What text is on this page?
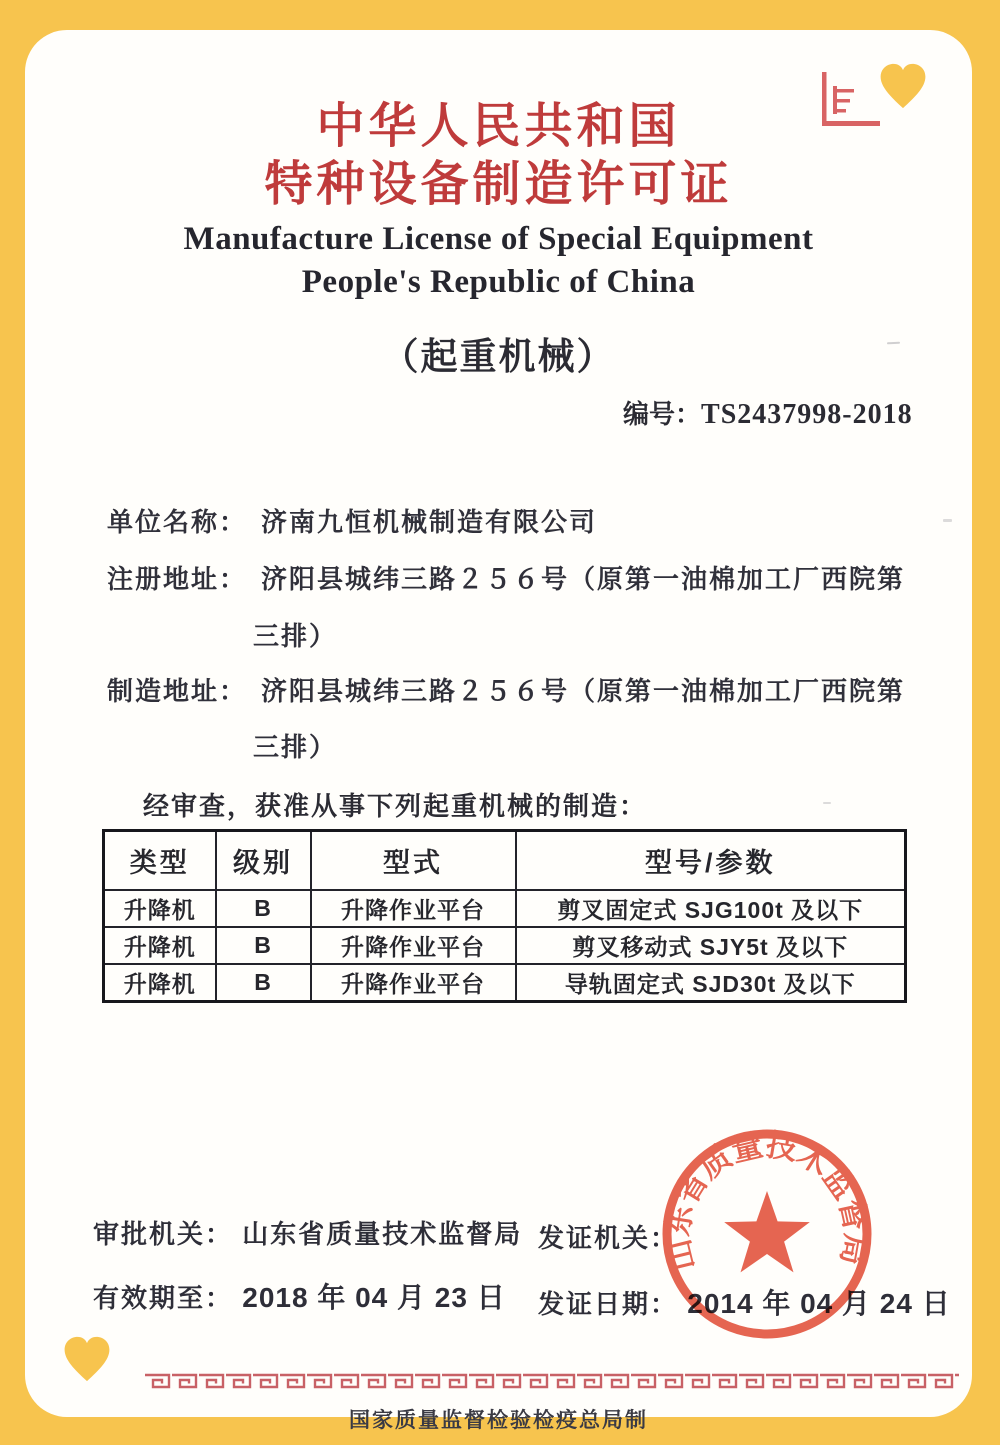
中华人民共和国
特种设备制造许可证
Manufacture License of Special Equipment
People's Republic of China
（起重机械）
编号：TS2437998-2018
单位名称： 济南九恒机械制造有限公司
注册地址： 济阳县城纬三路２５６号（原第一油棉加工厂西院第
三排）
制造地址： 济阳县城纬三路２５６号（原第一油棉加工厂西院第
三排）
经审查，获准从事下列起重机械的制造：
类型	级别	型式	型号/参数
升降机	B	升降作业平台	剪叉固定式 SJG100t 及以下
升降机	B	升降作业平台	剪叉移动式 SJY5t 及以下
升降机	B	升降作业平台	导轨固定式 SJD30t 及以下
审批机关： 山东省质量技术监督局 发证机关：
有效期至： 2018 年 04 月 23 日 发证日期： 2014 年 04 月 24 日
山东省质量技术监督局
国家质量监督检验检疫总局制
